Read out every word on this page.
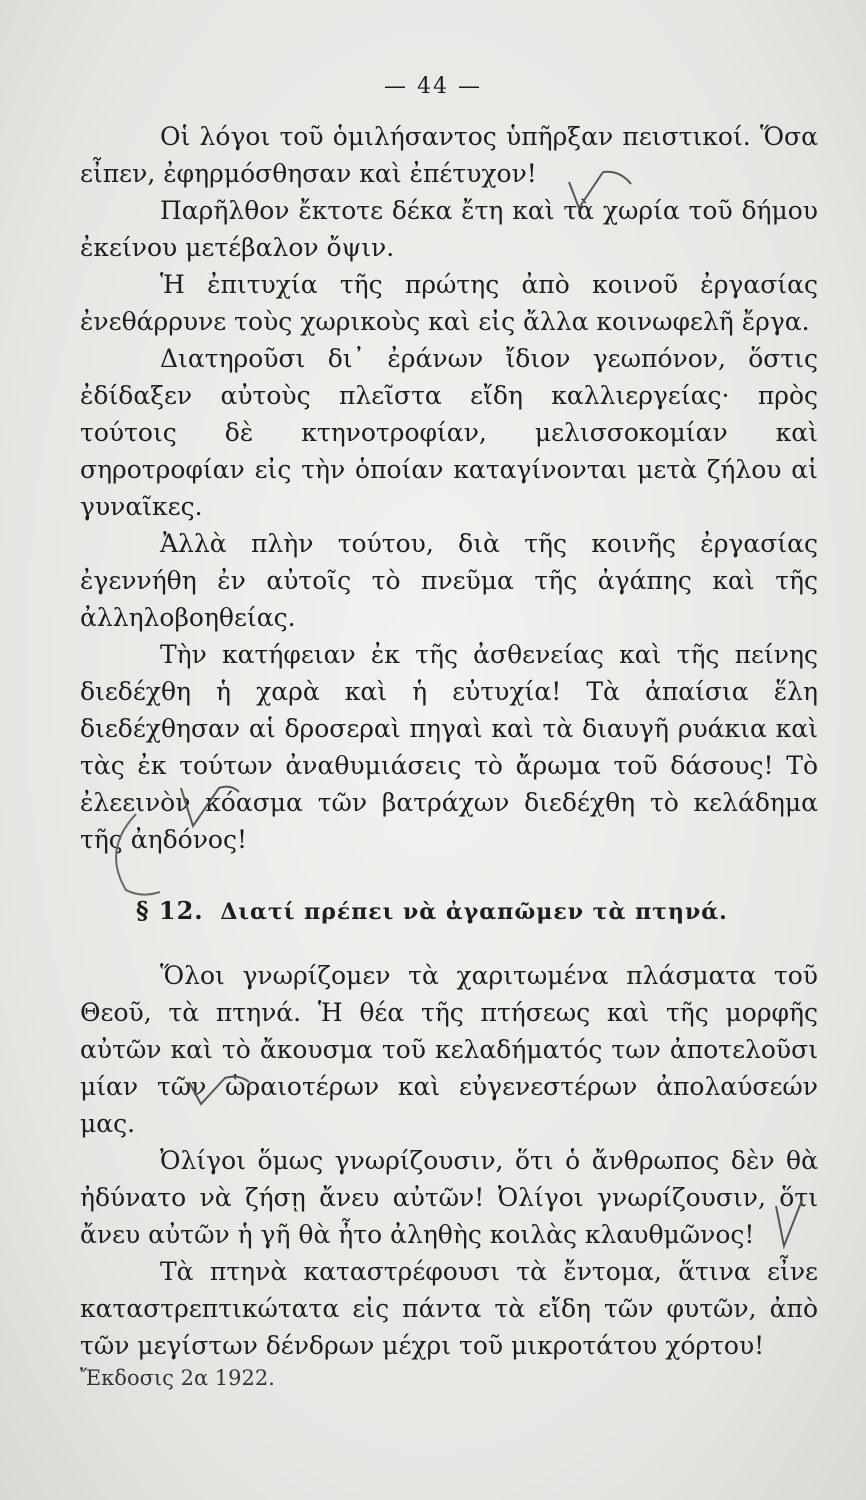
— 44 —

Οἱ λόγοι τοῦ ὁμιλήσαντος ὑπῆρξαν πειστικοί. Ὅσα εἶπεν, ἐφηρμόσθησαν καὶ ἐπέτυχον!

Παρῆλθον ἔκτοτε δέκα ἔτη καὶ τὰ χωρία τοῦ δήμου ἐκείνου μετέβαλον ὄψιν.

Ἡ ἐπιτυχία τῆς πρώτης ἀπὸ κοινοῦ ἐργασίας ἐνεθάρρυνε τοὺς χωρικοὺς καὶ εἰς ἄλλα κοινωφελῆ ἔργα.

Διατηροῦσι δι᾽ ἐράνων ἴδιον γεωπόνον, ὅστις ἐδίδαξεν αὐτοὺς πλεῖστα εἴδη καλλιεργείας· πρὸς τούτοις δὲ κτηνοτροφίαν, μελισσοκομίαν καὶ σηροτροφίαν εἰς τὴν ὁποίαν καταγίνονται μετὰ ζήλου αἱ γυναῖκες.

Ἀλλὰ πλὴν τούτου, διὰ τῆς κοινῆς ἐργασίας ἐγεννήθη ἐν αὐτοῖς τὸ πνεῦμα τῆς ἀγάπης καὶ τῆς ἀλληλοβοηθείας.

Τὴν κατήφειαν ἐκ τῆς ἀσθενείας καὶ τῆς πείνης διεδέχθη ἡ χαρὰ καὶ ἡ εὐτυχία! Τὰ ἀπαίσια ἕλη διεδέχθησαν αἱ δροσεραὶ πηγαὶ καὶ τὰ διαυγῆ ρυάκια καὶ τὰς ἐκ τούτων ἀναθυμιάσεις τὸ ἄρωμα τοῦ δάσους! Τὸ ἐλεεινὸν κόασμα τῶν βατράχων διεδέχθη τὸ κελάδημα τῆς ἀηδόνος!

§ 12. Διατί πρέπει νὰ ἀγαπῶμεν τὰ πτηνά.

Ὅλοι γνωρίζομεν τὰ χαριτωμένα πλάσματα τοῦ Θεοῦ, τὰ πτηνά. Ἡ θέα τῆς πτήσεως καὶ τῆς μορφῆς αὐτῶν καὶ τὸ ἄκουσμα τοῦ κελαδήματός των ἀποτελοῦσι μίαν τῶν ὡραιοτέρων καὶ εὐγενεστέρων ἀπολαύσεών μας.

Ὀλίγοι ὅμως γνωρίζουσιν, ὅτι ὁ ἄνθρωπος δὲν θὰ ἠδύνατο νὰ ζήσῃ ἄνευ αὐτῶν! Ὀλίγοι γνωρίζουσιν, ὅτι ἄνευ αὐτῶν ἡ γῆ θὰ ἦτο ἀληθὴς κοιλὰς κλαυθμῶνος!

Τὰ πτηνὰ καταστρέφουσι τὰ ἔντομα, ἅτινα εἶνε καταστρεπτικώτατα εἰς πάντα τὰ εἴδη τῶν φυτῶν, ἀπὸ τῶν μεγίστων δένδρων μέχρι τοῦ μικροτάτου χόρτου!

Ἔκδοσις 2α 1922.
